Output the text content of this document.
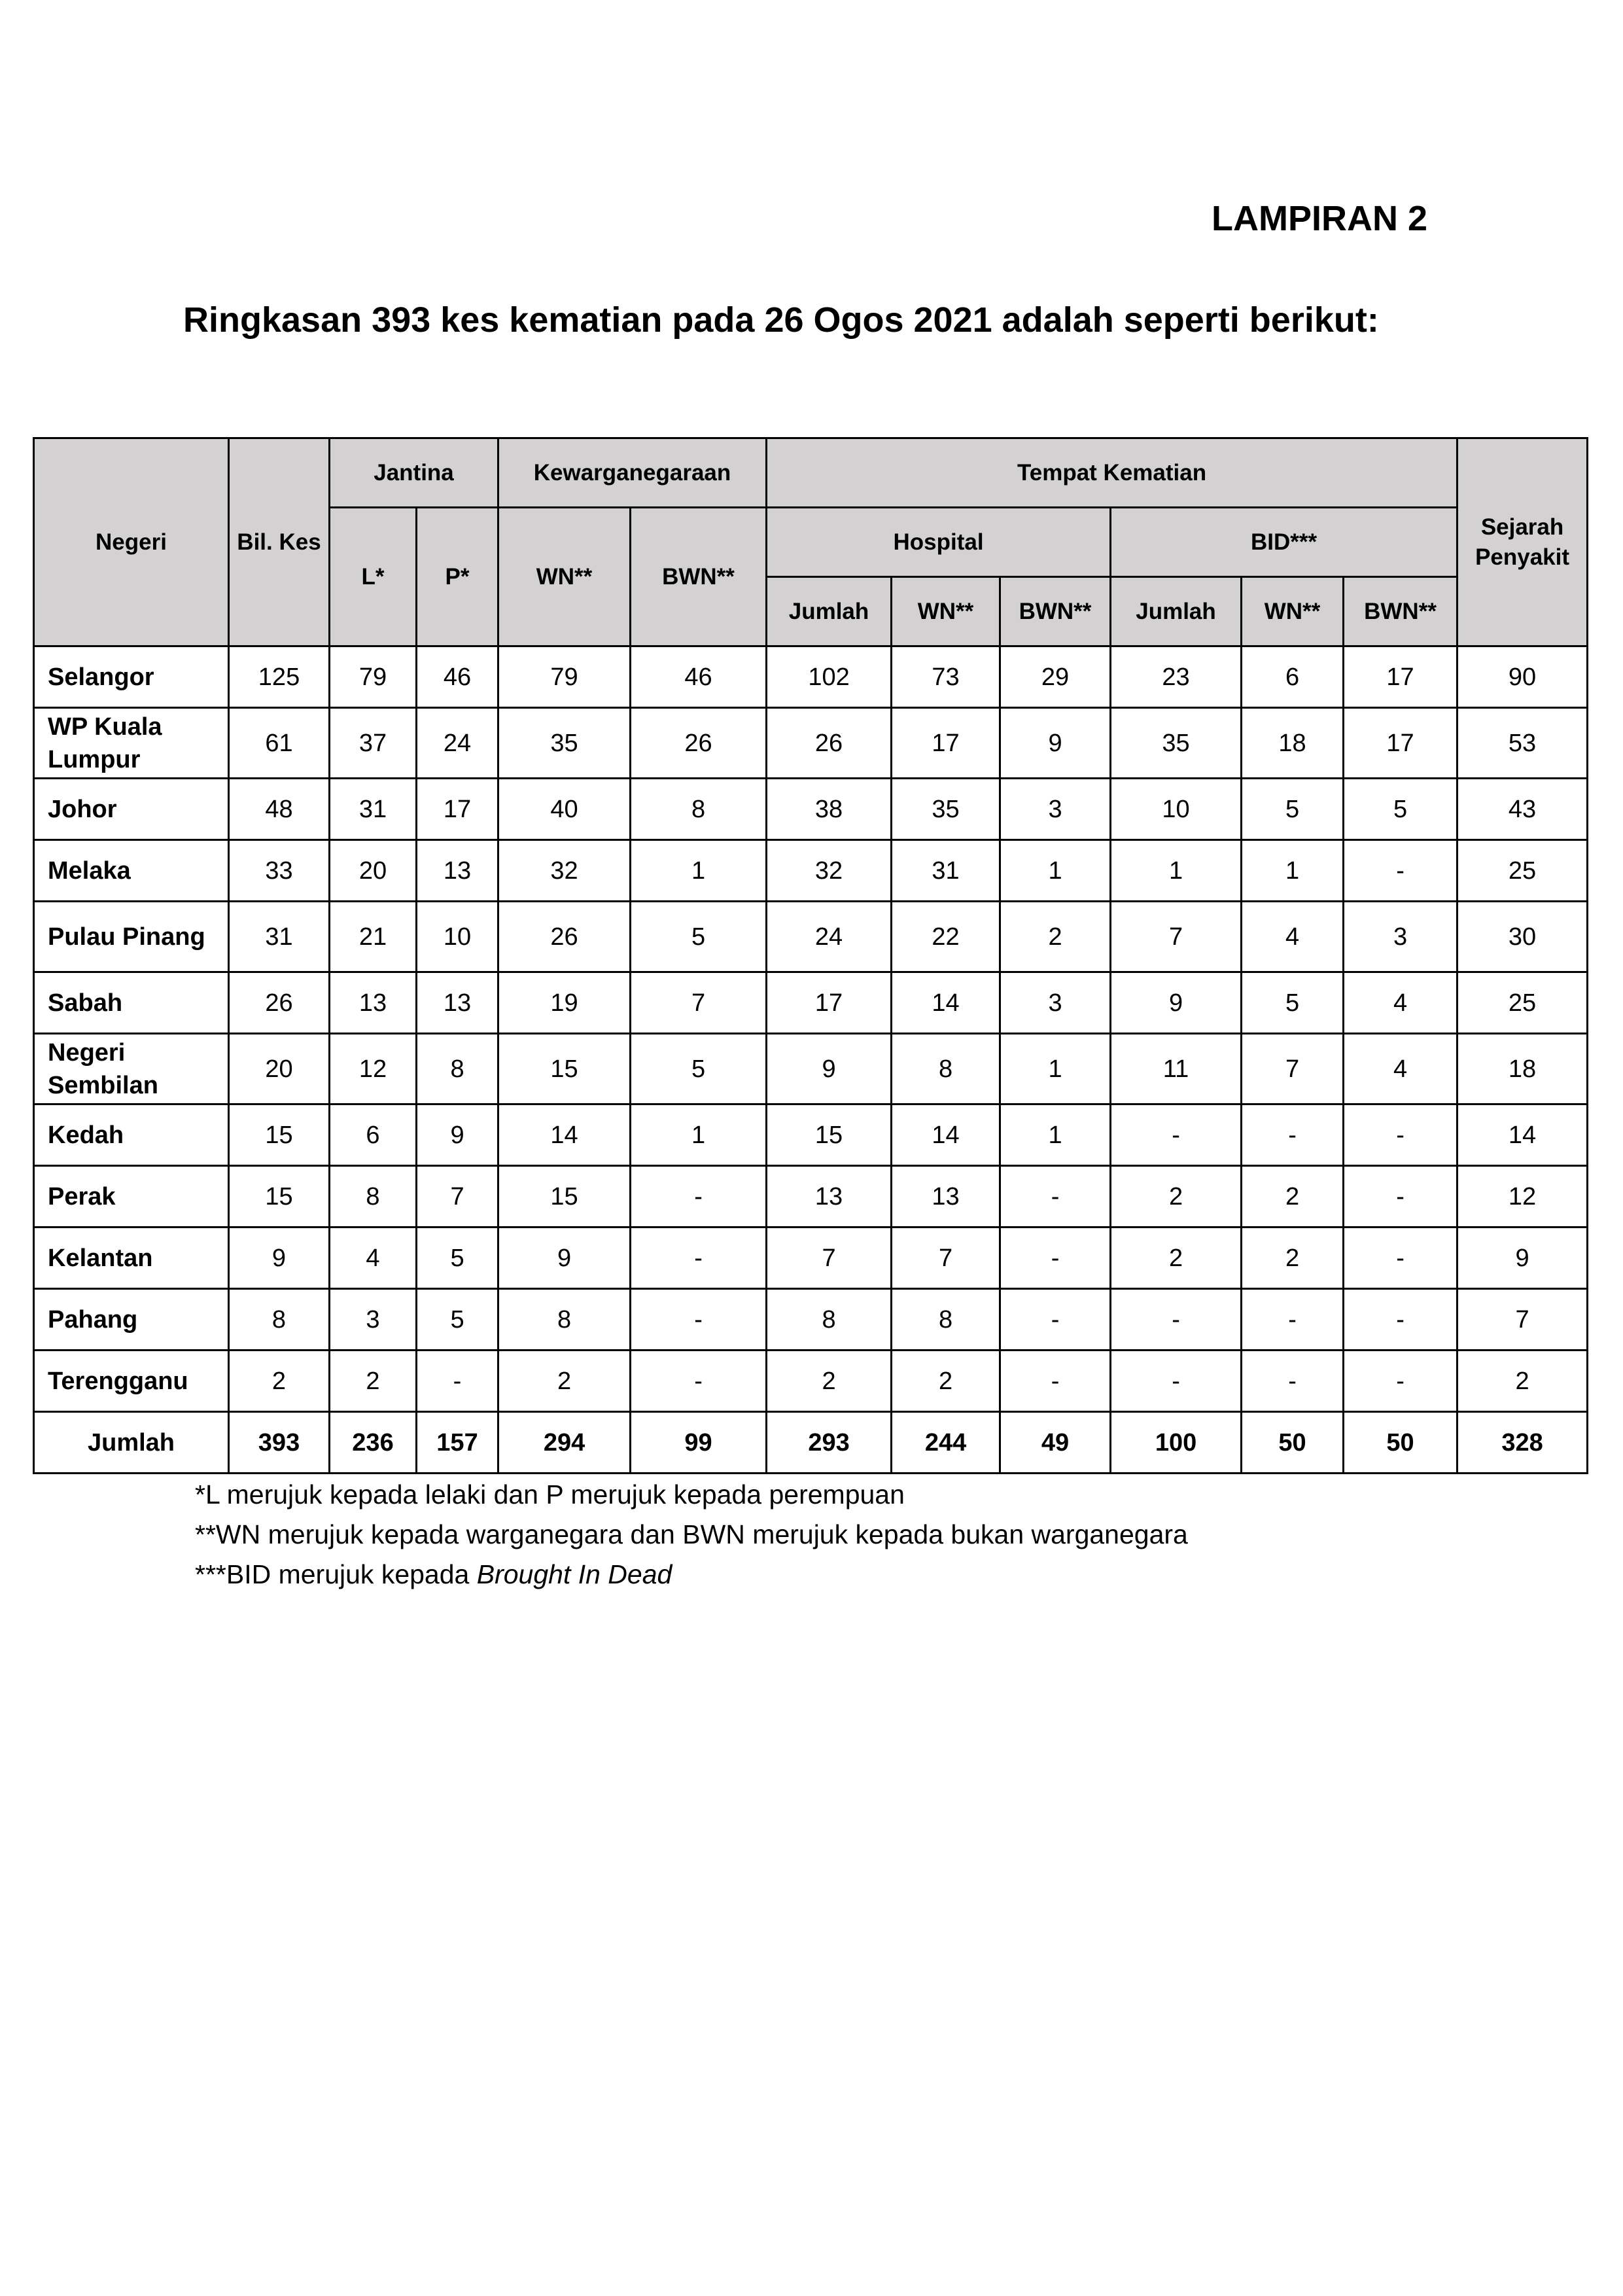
LAMPIRAN 2
Ringkasan 393 kes kematian pada 26 Ogos 2021 adalah seperti berikut:
Negeri	Bil. Kes	Jantina		Kewarganegaraan		Tempat Kematian						Sejarah Penyakit
		L*	P*	WN**	BWN**	Hospital			BID***			
						Jumlah	WN**	BWN**	Jumlah	WN**	BWN**	
Selangor	125	79	46	79	46	102	73	29	23	6	17	90
WP Kuala Lumpur	61	37	24	35	26	26	17	9	35	18	17	53
Johor	48	31	17	40	8	38	35	3	10	5	5	43
Melaka	33	20	13	32	1	32	31	1	1	1	-	25
Pulau Pinang	31	21	10	26	5	24	22	2	7	4	3	30
Sabah	26	13	13	19	7	17	14	3	9	5	4	25
Negeri Sembilan	20	12	8	15	5	9	8	1	11	7	4	18
Kedah	15	6	9	14	1	15	14	1	-	-	-	14
Perak	15	8	7	15	-	13	13	-	2	2	-	12
Kelantan	9	4	5	9	-	7	7	-	2	2	-	9
Pahang	8	3	5	8	-	8	8	-	-	-	-	7
Terengganu	2	2	-	2	-	2	2	-	-	-	-	2
Jumlah	393	236	157	294	99	293	244	49	100	50	50	328
*L merujuk kepada lelaki dan P merujuk kepada perempuan
**WN merujuk kepada warganegara dan BWN merujuk kepada bukan warganegara
***BID merujuk kepada Brought In Dead
